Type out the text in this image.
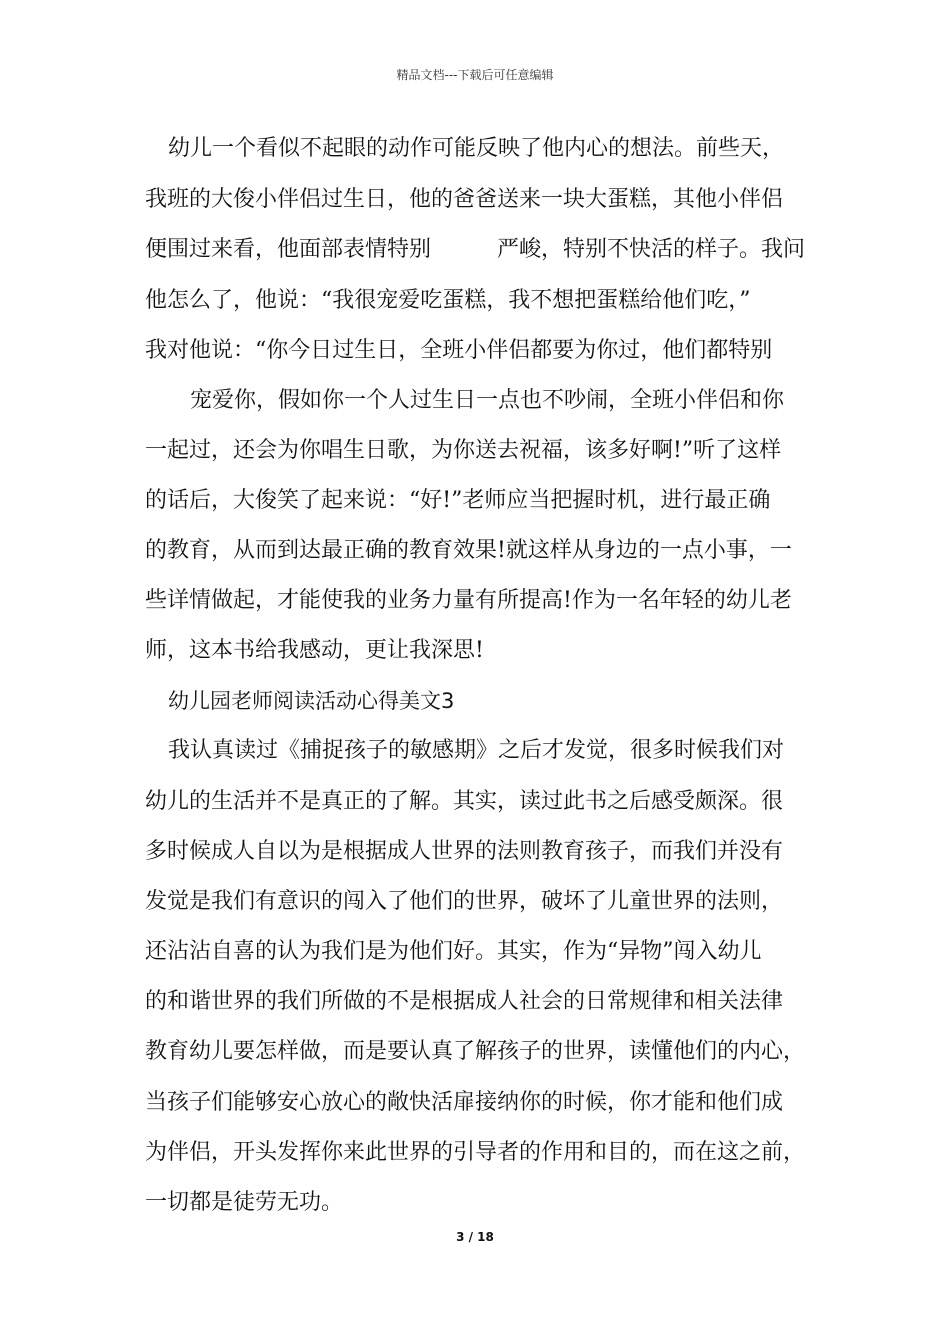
精品文档---下载后可任意编辑
幼儿一个看似不起眼的动作可能反映了他内心的想法。前些天，
我班的大俊小伴侣过生日，他的爸爸送来一块大蛋糕，其他小伴侣
便围过来看，他面部表情特别　　　严峻，特别不快活的样子。我问
他怎么了，他说：“我很宠爱吃蛋糕，我不想把蛋糕给他们吃，”
我对他说：“你今日过生日，全班小伴侣都要为你过，他们都特别
宠爱你，假如你一个人过生日一点也不吵闹，全班小伴侣和你
一起过，还会为你唱生日歌，为你送去祝福，该多好啊!”听了这样
的话后，大俊笑了起来说：“好!”老师应当把握时机，进行最正确
的教育，从而到达最正确的教育效果!就这样从身边的一点小事，一
些详情做起，才能使我的业务力量有所提高!作为一名年轻的幼儿老
师，这本书给我感动，更让我深思!
幼儿园老师阅读活动心得美文3
我认真读过《捕捉孩子的敏感期》之后才发觉，很多时候我们对
幼儿的生活并不是真正的了解。其实，读过此书之后感受颇深。很
多时候成人自以为是根据成人世界的法则教育孩子，而我们并没有
发觉是我们有意识的闯入了他们的世界，破坏了儿童世界的法则，
还沾沾自喜的认为我们是为他们好。其实，作为“异物”闯入幼儿
的和谐世界的我们所做的不是根据成人社会的日常规律和相关法律
教育幼儿要怎样做，而是要认真了解孩子的世界，读懂他们的内心，
当孩子们能够安心放心的敞快活扉接纳你的时候，你才能和他们成
为伴侣，开头发挥你来此世界的引导者的作用和目的，而在这之前，
一切都是徒劳无功。
3 / 18
